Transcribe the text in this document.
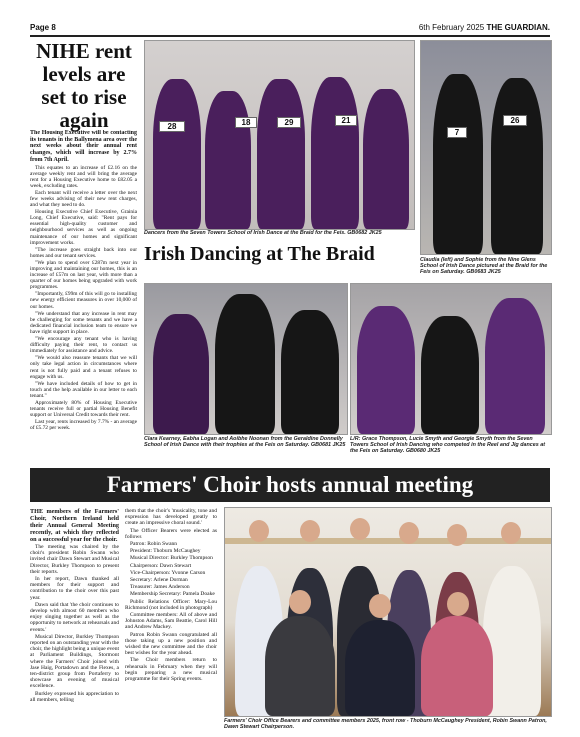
Page 8	6th February 2025 THE GUARDIAN.
NIHE rent levels are set to rise again

The Housing Executive will be contacting its tenants in the Ballymena area over the next weeks about their annual rent changes, which will increase by 2.7% from 7th April.

This equates to an increase of £2.16 on the average weekly rent and will bring the average rent for a Housing Executive home to £82.05 a week, excluding rates.

Each tenant will receive a letter over the next few weeks advising of their new rent charges, and what they need to do.

Housing Executive Chief Executive, Grainia Long, Chief Executive, said: "Rent pays for essential high-quality customer and neighbourhood services as well as ongoing maintenance of our homes and significant improvement works.

"The increase goes straight back into our homes and our tenant services.

"We plan to spend over £287m next year in improving and maintaining our homes, this is an increase of £57m on last year, with more than a quarter of our homes being upgraded with work programmes.

"Importantly, £99m of this will go to installing new energy efficient measures in over 10,000 of our homes.

"We understand that any increase in rent may be challenging for some tenants and we have a dedicated financial inclusion team to ensure we have right support in place.

"We encourage any tenant who is having difficulty paying their rent, to contact us immediately for assistance and advice.

"We would also reassure tenants that we will only take legal action in circumstances where rent is not fully paid and a tenant refuses to engage with us.

"We have included details of how to get in touch and the help available in our letter to each tenant."

Approximately 80% of Housing Executive tenants receive full or partial Housing Benefit support or Universal Credit towards their rent.

Last year, rents increased by 7.7% - an average of £5.72 per week.

28	18	29	21
Dancers from the Seven Towers School of Irish Dance at the Braid for the Feis. GB0682 JK25
7
26
Claudia (left) and Sophie from the Nine Glens School of Irish Dance pictured at the Braid for the Feis on Saturday. GB0683 JK25
Irish Dancing at The Braid
Clara Kearney, Eabha Logan and Aoibhe Noonan from the Geraldine Donnelly School of Irish Dance with their trophies at the Feis on Saturday. GB0681 JK25
L/R: Grace Thompson, Lucie Smyth and Georgie Smyth from the Seven Towers School of Irish Dancing who competed in the Reel and Jig dances at the Feis on Saturday. GB0680 JK25
Farmers' Choir hosts annual meeting

THE members of the Farmers' Choir, Northern Ireland held their Annual General Meeting recently, at which they reflected on a successful year for the choir.

The meeting was chaired by the choir's president Robin Swann who invited chair Dawn Stewart and Musical Director, Burkley Thompson to present their reports.

In her report, Dawn thanked all members for their support and contribution to the choir over this past year.

Dawn said that 'the choir continues to develop with almost 60 members who enjoy singing together as well as the opportunity to network at rehearsals and events.'

Musical Director, Burkley Thompson reported on an outstanding year with the choir, the highlight being a unique event at Parliament Buildings, Stormont where the Farmers' Choir joined with Jase Haig, Portadown and the Flexes, a ten-district group from Portaferry to showcase an evening of musical excellence.

Burkley expressed his appreciation to all members, telling

them that the choir's 'musicality, tone and expression has developed greatly to create an impressive choral sound.'

The Officer Bearers were elected as follows

Patron: Robin Swann

President: Thoburn McCaughey

Musical Director: Burkley Thompson

Chairperson: Dawn Stewart

Vice-Chairperson: Yvonne Carson

Secretary: Arlene Dorman

Treasurer: James Anderson

Membership Secretary: Pamela Doake

Public Relations Officer: Mary-Lou Richmond (not included in photograph)

Committee members: All of above and Johnston Adams, Sam Beattie, Carol Hill and Andrew Mackey.

Patron Robin Swann congratulated all those taking up a new position and wished the new committee and the choir best wishes for the year ahead.

The Choir members return to rehearsals in February when they will begin preparing a new musical programme for their Spring events.

Farmers' Choir Office Bearers and committee members 2025, front row - Thoburn McCaughey President, Robin Swann Patron, Dawn Stewart Chairperson.
